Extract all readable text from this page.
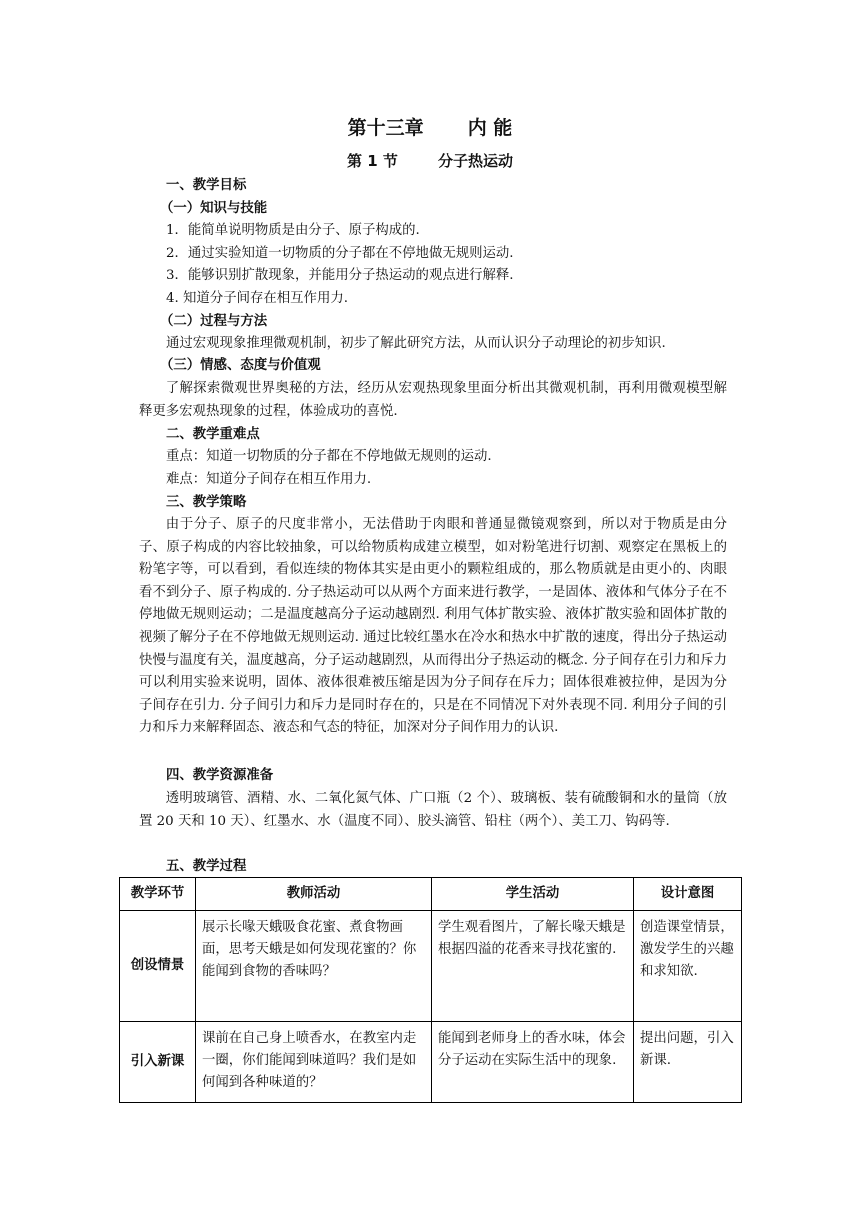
第十三章 内 能
第 1 节	分子热运动
一、教学目标
（一）知识与技能
1．能简单说明物质是由分子、原子构成的.
2．通过实验知道一切物质的分子都在不停地做无规则运动.
3．能够识别扩散现象，并能用分子热运动的观点进行解释.
4. 知道分子间存在相互作用力.
（二）过程与方法
通过宏观现象推理微观机制，初步了解此研究方法，从而认识分子动理论的初步知识.
（三）情感、态度与价值观
了解探索微观世界奥秘的方法，经历从宏观热现象里面分析出其微观机制，再利用微观模型解释更多宏观热现象的过程，体验成功的喜悦.
二、教学重难点
重点：知道一切物质的分子都在不停地做无规则的运动.
难点：知道分子间存在相互作用力.
三、教学策略
由于分子、原子的尺度非常小，无法借助于肉眼和普通显微镜观察到，所以对于物质是由分子、原子构成的内容比较抽象，可以给物质构成建立模型，如对粉笔进行切割、观察定在黑板上的粉笔字等，可以看到，看似连续的物体其实是由更小的颗粒组成的，那么物质就是由更小的、肉眼看不到分子、原子构成的. 分子热运动可以从两个方面来进行教学，一是固体、液体和气体分子在不停地做无规则运动；二是温度越高分子运动越剧烈. 利用气体扩散实验、液体扩散实验和固体扩散的视频了解分子在不停地做无规则运动. 通过比较红墨水在冷水和热水中扩散的速度，得出分子热运动快慢与温度有关，温度越高，分子运动越剧烈，从而得出分子热运动的概念. 分子间存在引力和斥力可以利用实验来说明，固体、液体很难被压缩是因为分子间存在斥力；固体很难被拉伸，是因为分子间存在引力. 分子间引力和斥力是同时存在的，只是在不同情况下对外表现不同. 利用分子间的引力和斥力来解释固态、液态和气态的特征，加深对分子间作用力的认识.
四、教学资源准备
透明玻璃管、酒精、水、二氧化氮气体、广口瓶（2 个）、玻璃板、装有硫酸铜和水的量筒（放置 20 天和 10 天）、红墨水、水（温度不同）、胶头滴管、铅柱（两个）、美工刀、钩码等.
五、教学过程
教学环节	教师活动	学生活动	设计意图
创设情景	展示长喙天蛾吸食花蜜、煮食物画面，思考天蛾是如何发现花蜜的？你能闻到食物的香味吗？	学生观看图片，了解长喙天蛾是根据四溢的花香来寻找花蜜的.	创造课堂情景，激发学生的兴趣和求知欲.
引入新课	课前在自己身上喷香水，在教室内走一圈，你们能闻到味道吗？我们是如何闻到各种味道的？	能闻到老师身上的香水味，体会分子运动在实际生活中的现象.	提出问题，引入新课.
